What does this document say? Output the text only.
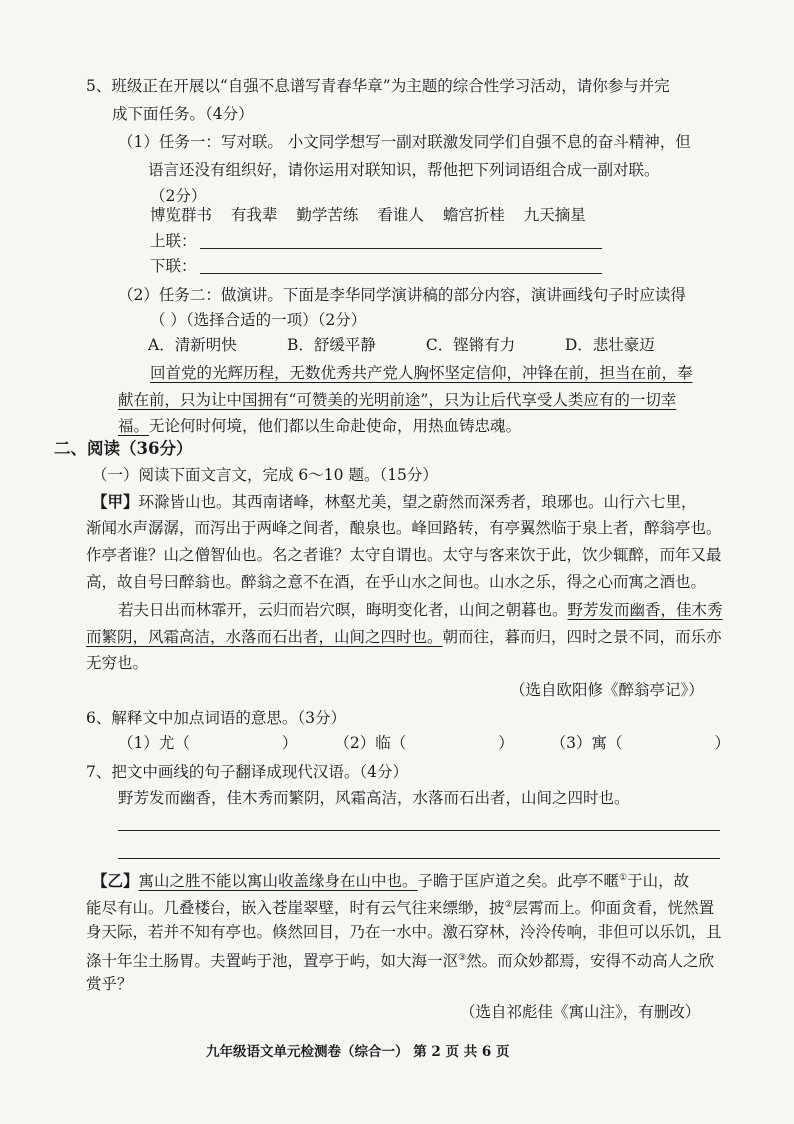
5、班级正在开展以“自强不息谱写青春华章”为主题的综合性学习活动，请你参与并完
成下面任务。（4分）
（1）任务一：写对联。 小文同学想写一副对联激发同学们自强不息的奋斗精神，但
语言还没有组织好，请你运用对联知识，帮他把下列词语组合成一副对联。
（2分）
博览群书 有我辈 勤学苦练 看谁人 蟾宫折桂 九天摘星
上联：
下联：
（2）任务二：做演讲。下面是李华同学演讲稿的部分内容，演讲画线句子时应读得
（ ）（选择合适的一项）（2分）
A．清新明快	B．舒缓平静	C．铿锵有力	D．悲壮豪迈
回首党的光辉历程，无数优秀共产党人胸怀坚定信仰，冲锋在前，担当在前，奉
献在前，只为让中国拥有“可赞美的光明前途”，只为让后代享受人类应有的一切幸
福。无论何时何境，他们都以生命赴使命，用热血铸忠魂。
二、阅读（36分）
（一）阅读下面文言文，完成 6～10 题。（15分）
【甲】环滁皆山也。其西南诸峰，林壑尤美，望之蔚然而深秀者，琅琊也。山行六七里，
渐闻水声潺潺，而泻出于两峰之间者，酿泉也。峰回路转，有亭翼然临于泉上者，醉翁亭也。
作亭者谁？山之僧智仙也。名之者谁？太守自谓也。太守与客来饮于此，饮少辄醉，而年又最
高，故自号曰醉翁也。醉翁之意不在酒，在乎山水之间也。山水之乐，得之心而寓之酒也。
若夫日出而林霏开，云归而岩穴暝，晦明变化者，山间之朝暮也。野芳发而幽香，佳木秀
而繁阴，风霜高洁，水落而石出者，山间之四时也。朝而往，暮而归，四时之景不同，而乐亦
无穷也。
（选自欧阳修《醉翁亭记》）
6、解释文中加点词语的意思。（3分）
（1）尤（	） （2）临（	） （3）寓（	）
7、把文中画线的句子翻译成现代汉语。（4分）
野芳发而幽香，佳木秀而繁阴，风霜高洁，水落而石出者，山间之四时也。
【乙】寓山之胜不能以寓山收盖缘身在山中也。子瞻于匡庐道之矣。此亭不暱①于山，故
能尽有山。几叠楼台，嵌入苍崖翠壁，时有云气往来缥缈，披②层霄而上。仰面贪看，恍然置
身天际，若并不知有亭也。倏然回目，乃在一水中。激石穿林，泠泠传响，非但可以乐饥，且
涤十年尘土肠胃。夫置屿于池，置亭于屿，如大海一沤③然。而众妙都焉，安得不动高人之欣
赏乎？
（选自祁彪佳《寓山注》，有删改）
九年级语文单元检测卷（综合一） 第 2 页 共 6 页
